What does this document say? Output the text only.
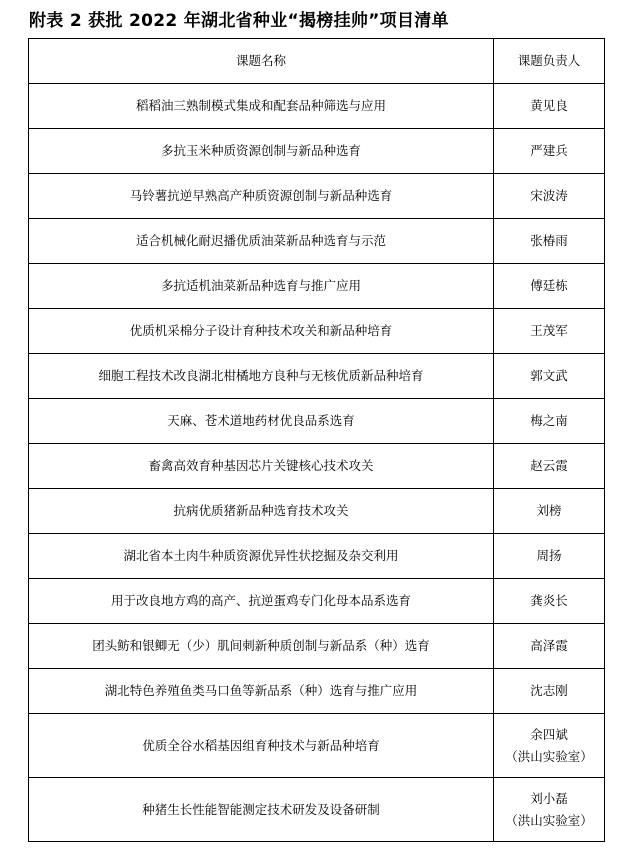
附表 2 获批 2022 年湖北省种业“揭榜挂帅”项目清单
课题名称	课题负责人
稻稻油三熟制模式集成和配套品种筛选与应用	黄见良
多抗玉米种质资源创制与新品种选育	严建兵
马铃薯抗逆早熟高产种质资源创制与新品种选育	宋波涛
适合机械化耐迟播优质油菜新品种选育与示范	张椿雨
多抗适机油菜新品种选育与推广应用	傅廷栋
优质机采棉分子设计育种技术攻关和新品种培育	王茂军
细胞工程技术改良湖北柑橘地方良种与无核优质新品种培育	郭文武
天麻、苍术道地药材优良品系选育	梅之南
畜禽高效育种基因芯片关键核心技术攻关	赵云霞
抗病优质猪新品种选育技术攻关	刘榜
湖北省本土肉牛种质资源优异性状挖掘及杂交利用	周扬
用于改良地方鸡的高产、抗逆蛋鸡专门化母本品系选育	龚炎长
团头鲂和银鲫无（少）肌间刺新种质创制与新品系（种）选育	高泽霞
湖北特色养殖鱼类马口鱼等新品系（种）选育与推广应用	沈志刚
优质全谷水稻基因组育种技术与新品种培育	余四斌
（洪山实验室）

种猪生长性能智能测定技术研发及设备研制	刘小磊
（洪山实验室）
